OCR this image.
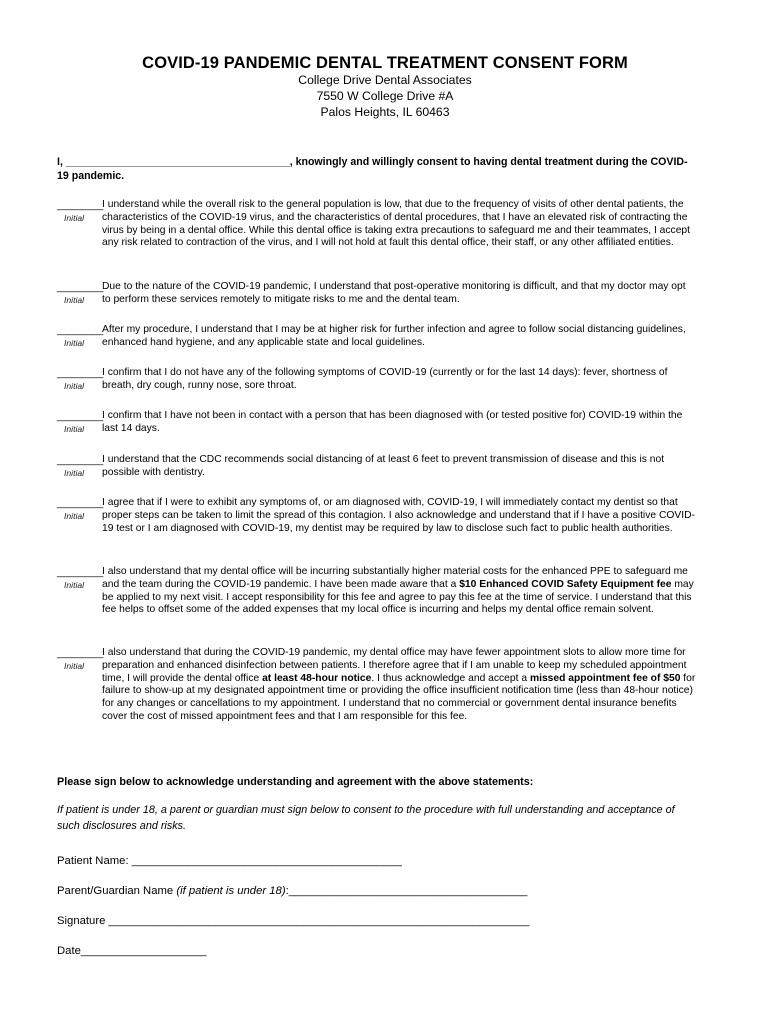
COVID-19 PANDEMIC DENTAL TREATMENT CONSENT FORM
College Drive Dental Associates
7550 W College Drive #A
Palos Heights, IL 60463
I, ______________________________________, knowingly and willingly consent to having dental treatment during the COVID-19 pandemic.
________
Initial
I understand while the overall risk to the general population is low, that due to the frequency of visits of other dental patients, the characteristics of the COVID-19 virus, and the characteristics of dental procedures, that I have an elevated risk of contracting the virus by being in a dental office. While this dental office is taking extra precautions to safeguard me and their teammates, I accept any risk related to contraction of the virus, and I will not hold at fault this dental office, their staff, or any other affiliated entities.
________
Initial
Due to the nature of the COVID-19 pandemic, I understand that post-operative monitoring is difficult, and that my doctor may opt to perform these services remotely to mitigate risks to me and the dental team.
________
Initial
After my procedure, I understand that I may be at higher risk for further infection and agree to follow social distancing guidelines, enhanced hand hygiene, and any applicable state and local guidelines.
________
Initial
I confirm that I do not have any of the following symptoms of COVID-19 (currently or for the last 14 days): fever, shortness of breath, dry cough, runny nose, sore throat.
________
Initial
I confirm that I have not been in contact with a person that has been diagnosed with (or tested positive for) COVID-19 within the last 14 days.
________
Initial
I understand that the CDC recommends social distancing of at least 6 feet to prevent transmission of disease and this is not possible with dentistry.
________
Initial
I agree that if I were to exhibit any symptoms of, or am diagnosed with, COVID-19, I will immediately contact my dentist so that proper steps can be taken to limit the spread of this contagion. I also acknowledge and understand that if I have a positive COVID-19 test or I am diagnosed with COVID-19, my dentist may be required by law to disclose such fact to public health authorities.
________
Initial
I also understand that my dental office will be incurring substantially higher material costs for the enhanced PPE to safeguard me and the team during the COVID-19 pandemic. I have been made aware that a $10 Enhanced COVID Safety Equipment fee may be applied to my next visit. I accept responsibility for this fee and agree to pay this fee at the time of service. I understand that this fee helps to offset some of the added expenses that my local office is incurring and helps my dental office remain solvent.
________
Initial
I also understand that during the COVID-19 pandemic, my dental office may have fewer appointment slots to allow more time for preparation and enhanced disinfection between patients. I therefore agree that if I am unable to keep my scheduled appointment time, I will provide the dental office at least 48-hour notice. I thus acknowledge and accept a missed appointment fee of $50 for failure to show-up at my designated appointment time or providing the office insufficient notification time (less than 48-hour notice) for any changes or cancellations to my appointment. I understand that no commercial or government dental insurance benefits cover the cost of missed appointment fees and that I am responsible for this fee.
Please sign below to acknowledge understanding and agreement with the above statements:
If patient is under 18, a parent or guardian must sign below to consent to the procedure with full understanding and acceptance of such disclosures and risks.
Patient Name: ___________________________________________
Parent/Guardian Name (if patient is under 18):______________________________________
Signature ___________________________________________________________________
Date____________________
